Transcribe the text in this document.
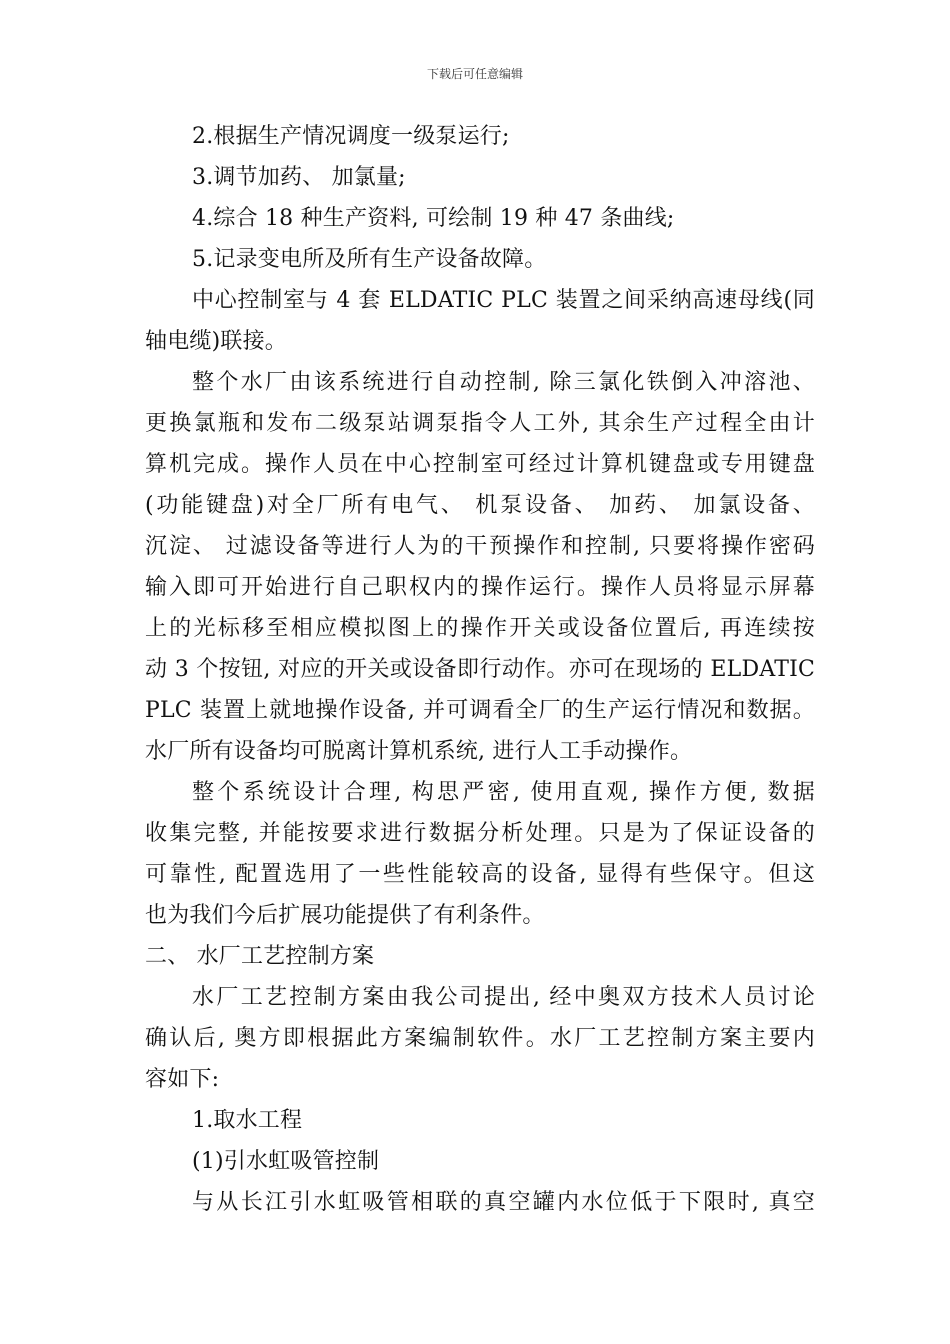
下载后可任意编辑
2.根据生产情况调度一级泵运行;
3.调节加药、 加氯量;
4.综合 18 种生产资料, 可绘制 19 种 47 条曲线;
5.记录变电所及所有生产设备故障。
中心控制室与 4 套 ELDATIC PLC 装置之间采纳高速母线(同
轴电缆)联接。
整个水厂由该系统进行自动控制, 除三氯化铁倒入冲溶池、
更换氯瓶和发布二级泵站调泵指令人工外, 其余生产过程全由计
算机完成。操作人员在中心控制室可经过计算机键盘或专用键盘
(功能键盘)对全厂所有电气、 机泵设备、 加药、 加氯设备、
沉淀、 过滤设备等进行人为的干预操作和控制, 只要将操作密码
输入即可开始进行自己职权内的操作运行。操作人员将显示屏幕
上的光标移至相应模拟图上的操作开关或设备位置后, 再连续按
动 3 个按钮, 对应的开关或设备即行动作。亦可在现场的 ELDATIC
PLC 装置上就地操作设备, 并可调看全厂的生产运行情况和数据。
水厂所有设备均可脱离计算机系统, 进行人工手动操作。
整个系统设计合理, 构思严密, 使用直观, 操作方便, 数据
收集完整, 并能按要求进行数据分析处理。只是为了保证设备的
可靠性, 配置选用了一些性能较高的设备, 显得有些保守。但这
也为我们今后扩展功能提供了有利条件。
二、 水厂工艺控制方案
水厂工艺控制方案由我公司提出, 经中奥双方技术人员讨论
确认后, 奥方即根据此方案编制软件。水厂工艺控制方案主要内
容如下:
1.取水工程
(1)引水虹吸管控制
与从长江引水虹吸管相联的真空罐内水位低于下限时, 真空
